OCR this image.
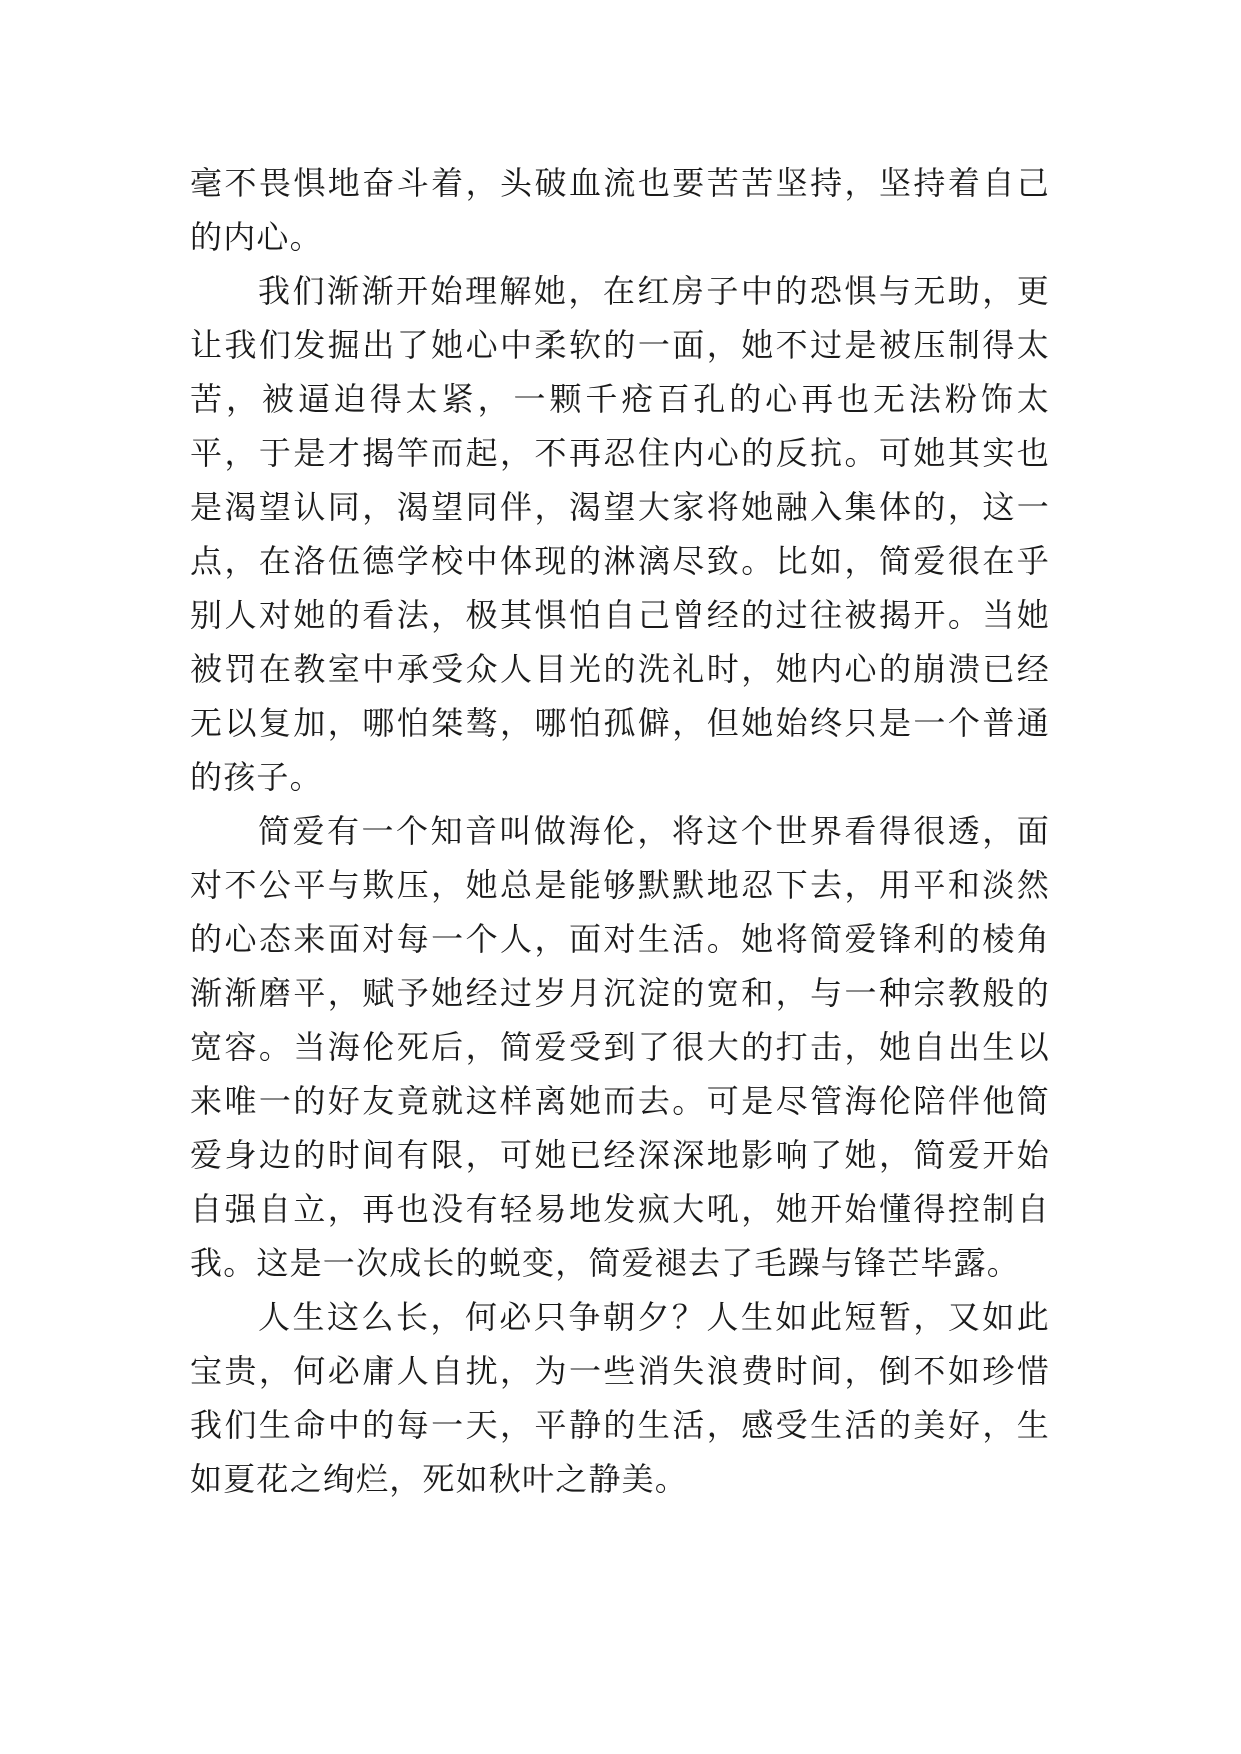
毫不畏惧地奋斗着，头破血流也要苦苦坚持，坚持着自己的内心。

我们渐渐开始理解她，在红房子中的恐惧与无助，更让我们发掘出了她心中柔软的一面，她不过是被压制得太苦，被逼迫得太紧，一颗千疮百孔的心再也无法粉饰太平，于是才揭竿而起，不再忍住内心的反抗。可她其实也是渴望认同，渴望同伴，渴望大家将她融入集体的，这一点，在洛伍德学校中体现的淋漓尽致。比如，简爱很在乎别人对她的看法，极其惧怕自己曾经的过往被揭开。当她被罚在教室中承受众人目光的洗礼时，她内心的崩溃已经无以复加，哪怕桀骜，哪怕孤僻，但她始终只是一个普通的孩子。

简爱有一个知音叫做海伦，将这个世界看得很透，面对不公平与欺压，她总是能够默默地忍下去，用平和淡然的心态来面对每一个人，面对生活。她将简爱锋利的棱角渐渐磨平，赋予她经过岁月沉淀的宽和，与一种宗教般的宽容。当海伦死后，简爱受到了很大的打击，她自出生以来唯一的好友竟就这样离她而去。可是尽管海伦陪伴他简爱身边的时间有限，可她已经深深地影响了她，简爱开始自强自立，再也没有轻易地发疯大吼，她开始懂得控制自我。这是一次成长的蜕变，简爱褪去了毛躁与锋芒毕露。

人生这么长，何必只争朝夕？人生如此短暂，又如此宝贵，何必庸人自扰，为一些消失浪费时间，倒不如珍惜我们生命中的每一天，平静的生活，感受生活的美好，生如夏花之绚烂，死如秋叶之静美。
